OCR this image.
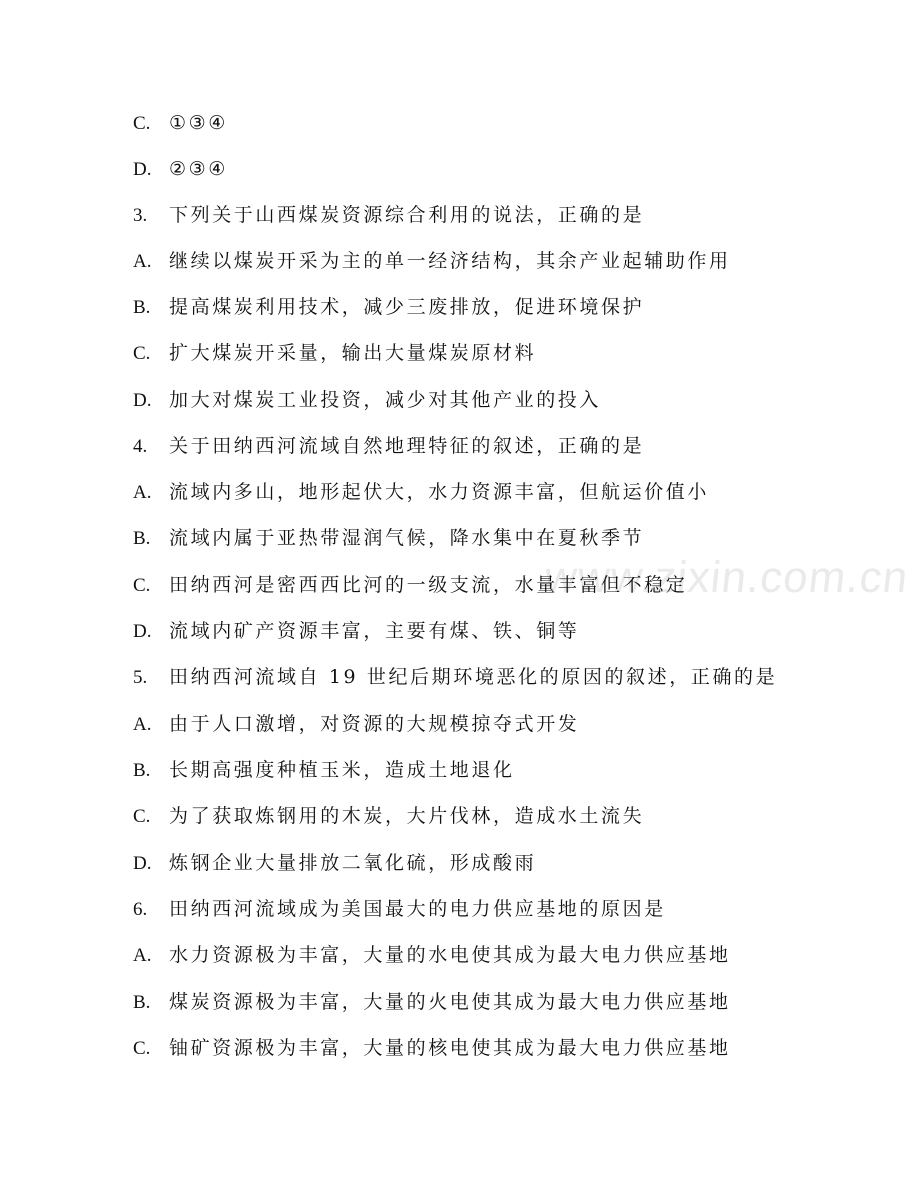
www.zixin.com.cn
C. ①③④
D. ②③④
3. 下列关于山西煤炭资源综合利用的说法，正确的是
A. 继续以煤炭开采为主的单一经济结构，其余产业起辅助作用
B. 提高煤炭利用技术，减少三废排放，促进环境保护
C. 扩大煤炭开采量，输出大量煤炭原材料
D. 加大对煤炭工业投资，减少对其他产业的投入
4. 关于田纳西河流域自然地理特征的叙述，正确的是
A. 流域内多山，地形起伏大，水力资源丰富，但航运价值小
B. 流域内属于亚热带湿润气候，降水集中在夏秋季节
C. 田纳西河是密西西比河的一级支流，水量丰富但不稳定
D. 流域内矿产资源丰富，主要有煤、铁、铜等
5. 田纳西河流域自 19 世纪后期环境恶化的原因的叙述，正确的是
A. 由于人口激增，对资源的大规模掠夺式开发
B. 长期高强度种植玉米，造成土地退化
C. 为了获取炼钢用的木炭，大片伐林，造成水土流失
D. 炼钢企业大量排放二氧化硫，形成酸雨
6. 田纳西河流域成为美国最大的电力供应基地的原因是
A. 水力资源极为丰富，大量的水电使其成为最大电力供应基地
B. 煤炭资源极为丰富，大量的火电使其成为最大电力供应基地
C. 铀矿资源极为丰富，大量的核电使其成为最大电力供应基地
